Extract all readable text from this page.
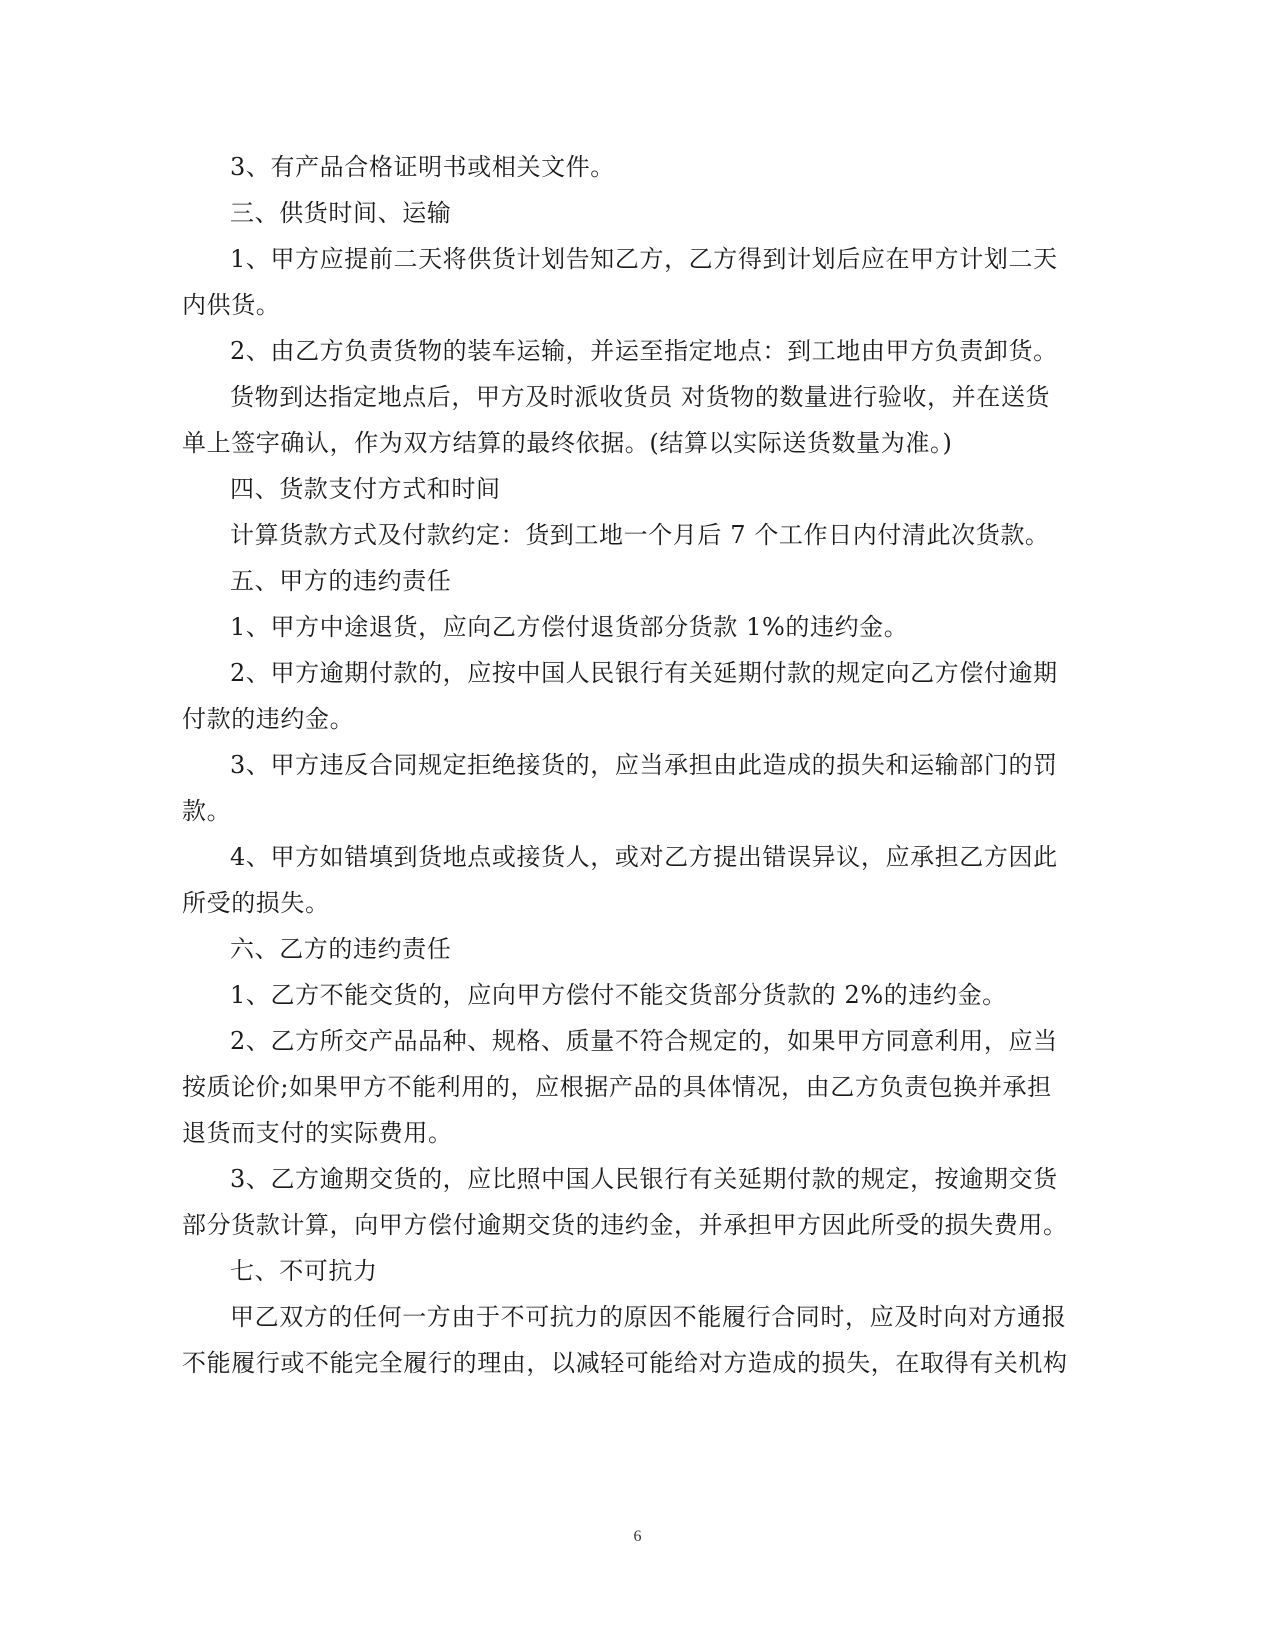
3、有产品合格证明书或相关文件。
三、供货时间、运输
1、甲方应提前二天将供货计划告知乙方，乙方得到计划后应在甲方计划二天
内供货。
2、由乙方负责货物的装车运输，并运至指定地点：到工地由甲方负责卸货。
货物到达指定地点后，甲方及时派收货员 对货物的数量进行验收，并在送货
单上签字确认，作为双方结算的最终依据。(结算以实际送货数量为准。)
四、货款支付方式和时间
计算货款方式及付款约定：货到工地一个月后 7 个工作日内付清此次货款。
五、甲方的违约责任
1、甲方中途退货，应向乙方偿付退货部分货款 1%的违约金。
2、甲方逾期付款的，应按中国人民银行有关延期付款的规定向乙方偿付逾期
付款的违约金。
3、甲方违反合同规定拒绝接货的，应当承担由此造成的损失和运输部门的罚
款。
4、甲方如错填到货地点或接货人，或对乙方提出错误异议，应承担乙方因此
所受的损失。
六、乙方的违约责任
1、乙方不能交货的，应向甲方偿付不能交货部分货款的 2%的违约金。
2、乙方所交产品品种、规格、质量不符合规定的，如果甲方同意利用，应当
按质论价;如果甲方不能利用的，应根据产品的具体情况，由乙方负责包换并承担
退货而支付的实际费用。
3、乙方逾期交货的，应比照中国人民银行有关延期付款的规定，按逾期交货
部分货款计算，向甲方偿付逾期交货的违约金，并承担甲方因此所受的损失费用。
七、不可抗力
甲乙双方的任何一方由于不可抗力的原因不能履行合同时，应及时向对方通报
不能履行或不能完全履行的理由，以减轻可能给对方造成的损失，在取得有关机构
6
